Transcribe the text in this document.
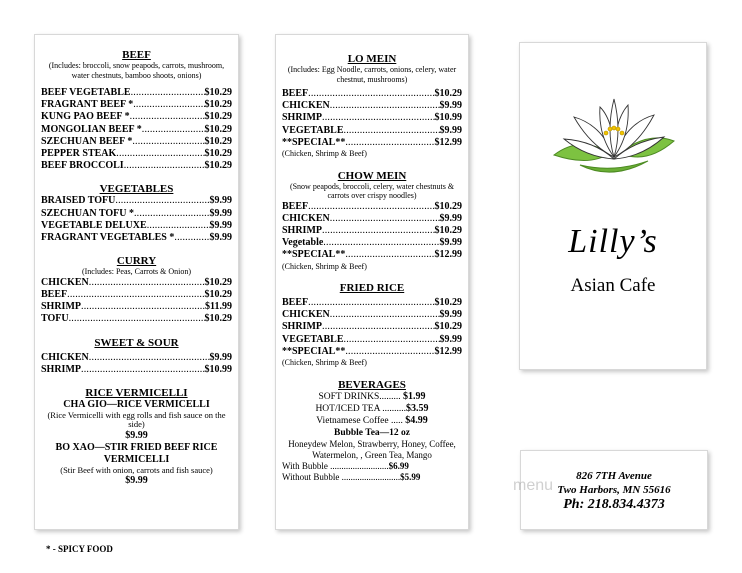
BEEF
(Includes: broccoli, snow peapods, carrots, mushroom, water chestnuts, bamboo shoots, onions)
BEEF VEGETABLE .....	$10.29
FRAGRANT BEEF * .....	$10.29
KUNG PAO BEEF * .....	$10.29
MONGOLIAN BEEF * .....	$10.29
SZECHUAN BEEF * .....	$10.29
PEPPER STEAK .....	$10.29
BEEF BROCCOLI .....	$10.29
VEGETABLES
BRAISED TOFU .....	$9.99
SZECHUAN TOFU * .....	$9.99
VEGETABLE DELUXE .....	$9.99
FRAGRANT VEGETABLES * .....	$9.99
CURRY
(Includes: Peas, Carrots & Onion)
CHICKEN .....	$10.29
BEEF .....	$10.29
SHRIMP .....	$11.99
TOFU .....	$10.29
SWEET & SOUR
CHICKEN .....	$9.99
SHRIMP .....	$10.99
RICE VERMICELLI
CHA GIO—RICE VERMICELLI
(Rice Vermicelli with egg rolls and fish sauce on the side)
$9.99
BO XAO—STIR FRIED BEEF RICE VERMICELLI
(Stir Beef with onion, carrots and fish sauce)
$9.99
* - SPICY FOOD
LO MEIN
(Includes: Egg Noodle, carrots, onions, celery, water chestnut, mushrooms)
BEEF .....	$10.29
CHICKEN .....	$9.99
SHRIMP .....	$10.99
VEGETABLE .....	$9.99
**SPECIAL** .....	$12.99
(Chicken, Shrimp & Beef)
CHOW MEIN
(Snow peapods, broccoli, celery, water chestnuts & carrots over crispy noodles)
BEEF .....	$10.29
CHICKEN .....	$9.99
SHRIMP .....	$10.29
Vegetable .....	$9.99
**SPECIAL** .....	$12.99
(Chicken, Shrimp & Beef)
FRIED RICE
BEEF .....	$10.29
CHICKEN .....	$9.99
SHRIMP .....	$10.29
VEGETABLE .....	$9.99
**SPECIAL** .....	$12.99
(Chicken, Shrimp & Beef)
BEVERAGES
SOFT DRINKS......... $1.99
HOT/ICED TEA ..........$3.59
Vietnamese Coffee ..... $4.99
Bubble Tea—12 oz
Honeydew Melon, Strawberry, Honey, Coffee, Watermelon, , Green Tea, Mango
With Bubble ..........................$6.99
Without Bubble ..........................$5.99
Lilly’s
Asian Cafe
menu
826 7TH Avenue
Two Harbors, MN 55616
Ph: 218.834.4373
